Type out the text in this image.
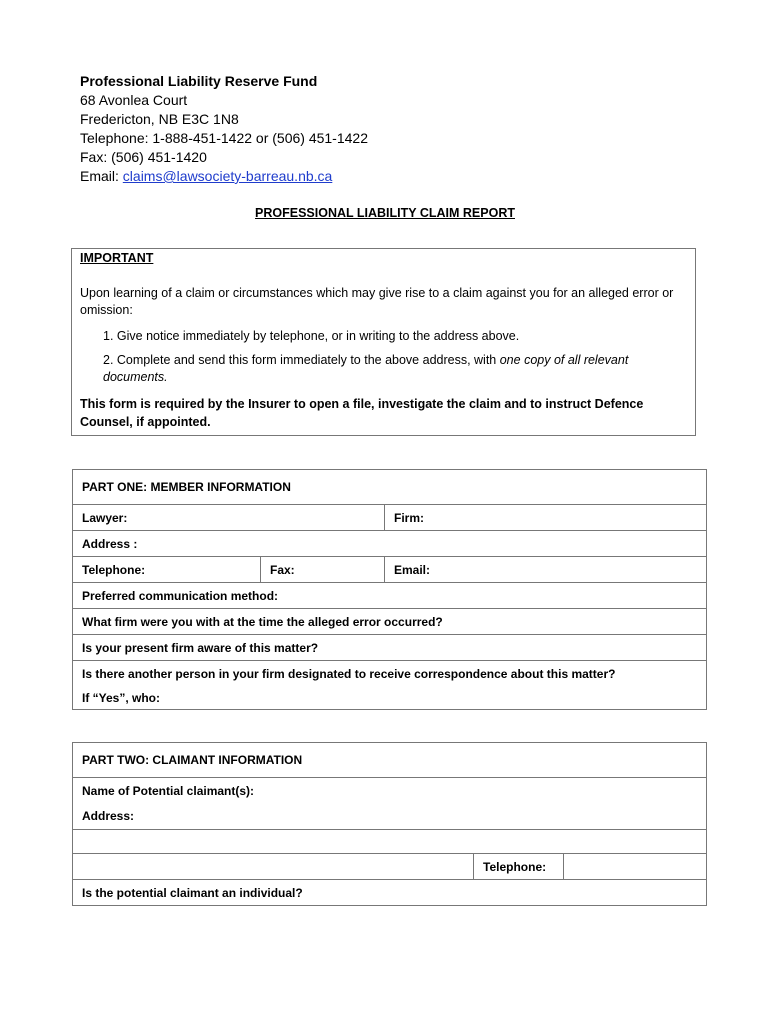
Professional Liability Reserve Fund
68 Avonlea Court
Fredericton, NB E3C 1N8
Telephone: 1-888-451-1422 or (506) 451-1422
Fax: (506) 451-1420
Email: claims@lawsociety-barreau.nb.ca
PROFESSIONAL LIABILITY CLAIM REPORT
IMPORTANT
Upon learning of a claim or circumstances which may give rise to a claim against you for an alleged error or omission:
1. Give notice immediately by telephone, or in writing to the address above.
2. Complete and send this form immediately to the above address, with one copy of all relevant documents.
This form is required by the Insurer to open a file, investigate the claim and to instruct Defence Counsel, if appointed.
PART ONE: MEMBER INFORMATION		
Lawyer:		Firm:
Address :		
Telephone:	Fax:	Email:
Preferred communication method:		
What firm were you with at the time the alleged error occurred?		
Is your present firm aware of this matter?		
Is there another person in your firm designated to receive correspondence about this matter?		
If “Yes”, who:		
PART TWO: CLAIMANT INFORMATION
Name of Potential claimant(s):
Address:

	Telephone:	
Is the potential claimant an individual?
